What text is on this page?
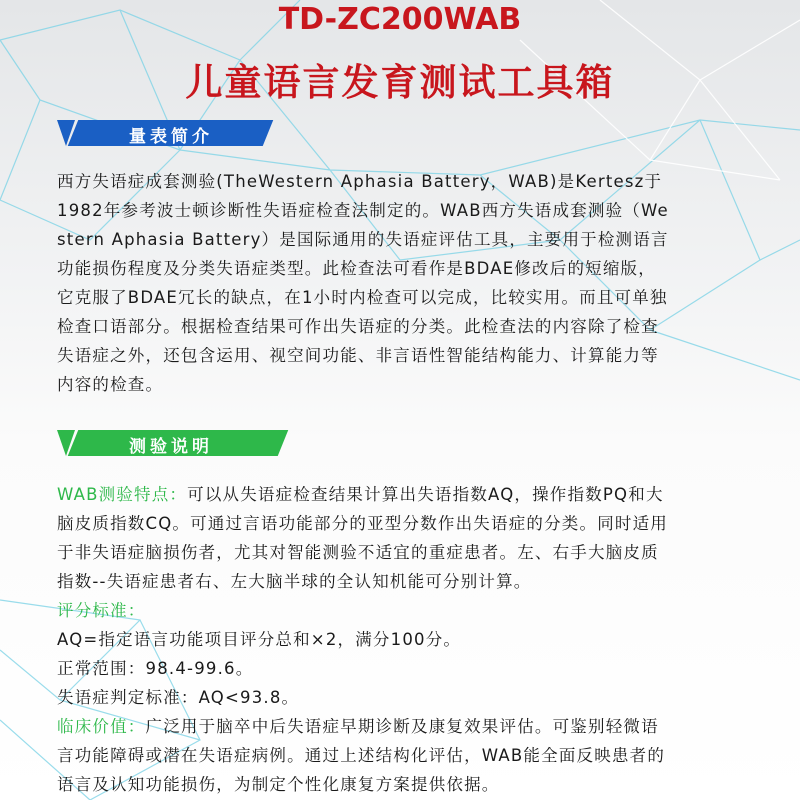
TD-ZC200WAB
儿童语言发育测试工具箱
量表简介
西方失语症成套测验(TheWestern Aphasia Battery，WAB)是Kertesz于
1982年参考波士顿诊断性失语症检查法制定的。WAB西方失语成套测验（We
stern Aphasia Battery）是国际通用的失语症评估工具，主要用于检测语言
功能损伤程度及分类失语症类型。此检查法可看作是BDAE修改后的短缩版，
它克服了BDAE冗长的缺点，在1小时内检查可以完成，比较实用。而且可单独
检查口语部分。根据检查结果可作出失语症的分类。此检查法的内容除了检查
失语症之外，还包含运用、视空间功能、非言语性智能结构能力、计算能力等
内容的检查。
测验说明
WAB测验特点：可以从失语症检查结果计算出失语指数AQ，操作指数PQ和大
脑皮质指数CQ。可通过言语功能部分的亚型分数作出失语症的分类。同时适用
于非失语症脑损伤者，尤其对智能测验不适宜的重症患者。左、右手大脑皮质
指数--失语症患者右、左大脑半球的全认知机能可分别计算。
评分标准：
AQ=指定语言功能项目评分总和×2，满分100分。
正常范围：98.4-99.6。
失语症判定标准：AQ<93.8。
临床价值：广泛用于脑卒中后失语症早期诊断及康复效果评估。可鉴别轻微语
言功能障碍或潜在失语症病例。通过上述结构化评估，WAB能全面反映患者的
语言及认知功能损伤，为制定个性化康复方案提供依据。
